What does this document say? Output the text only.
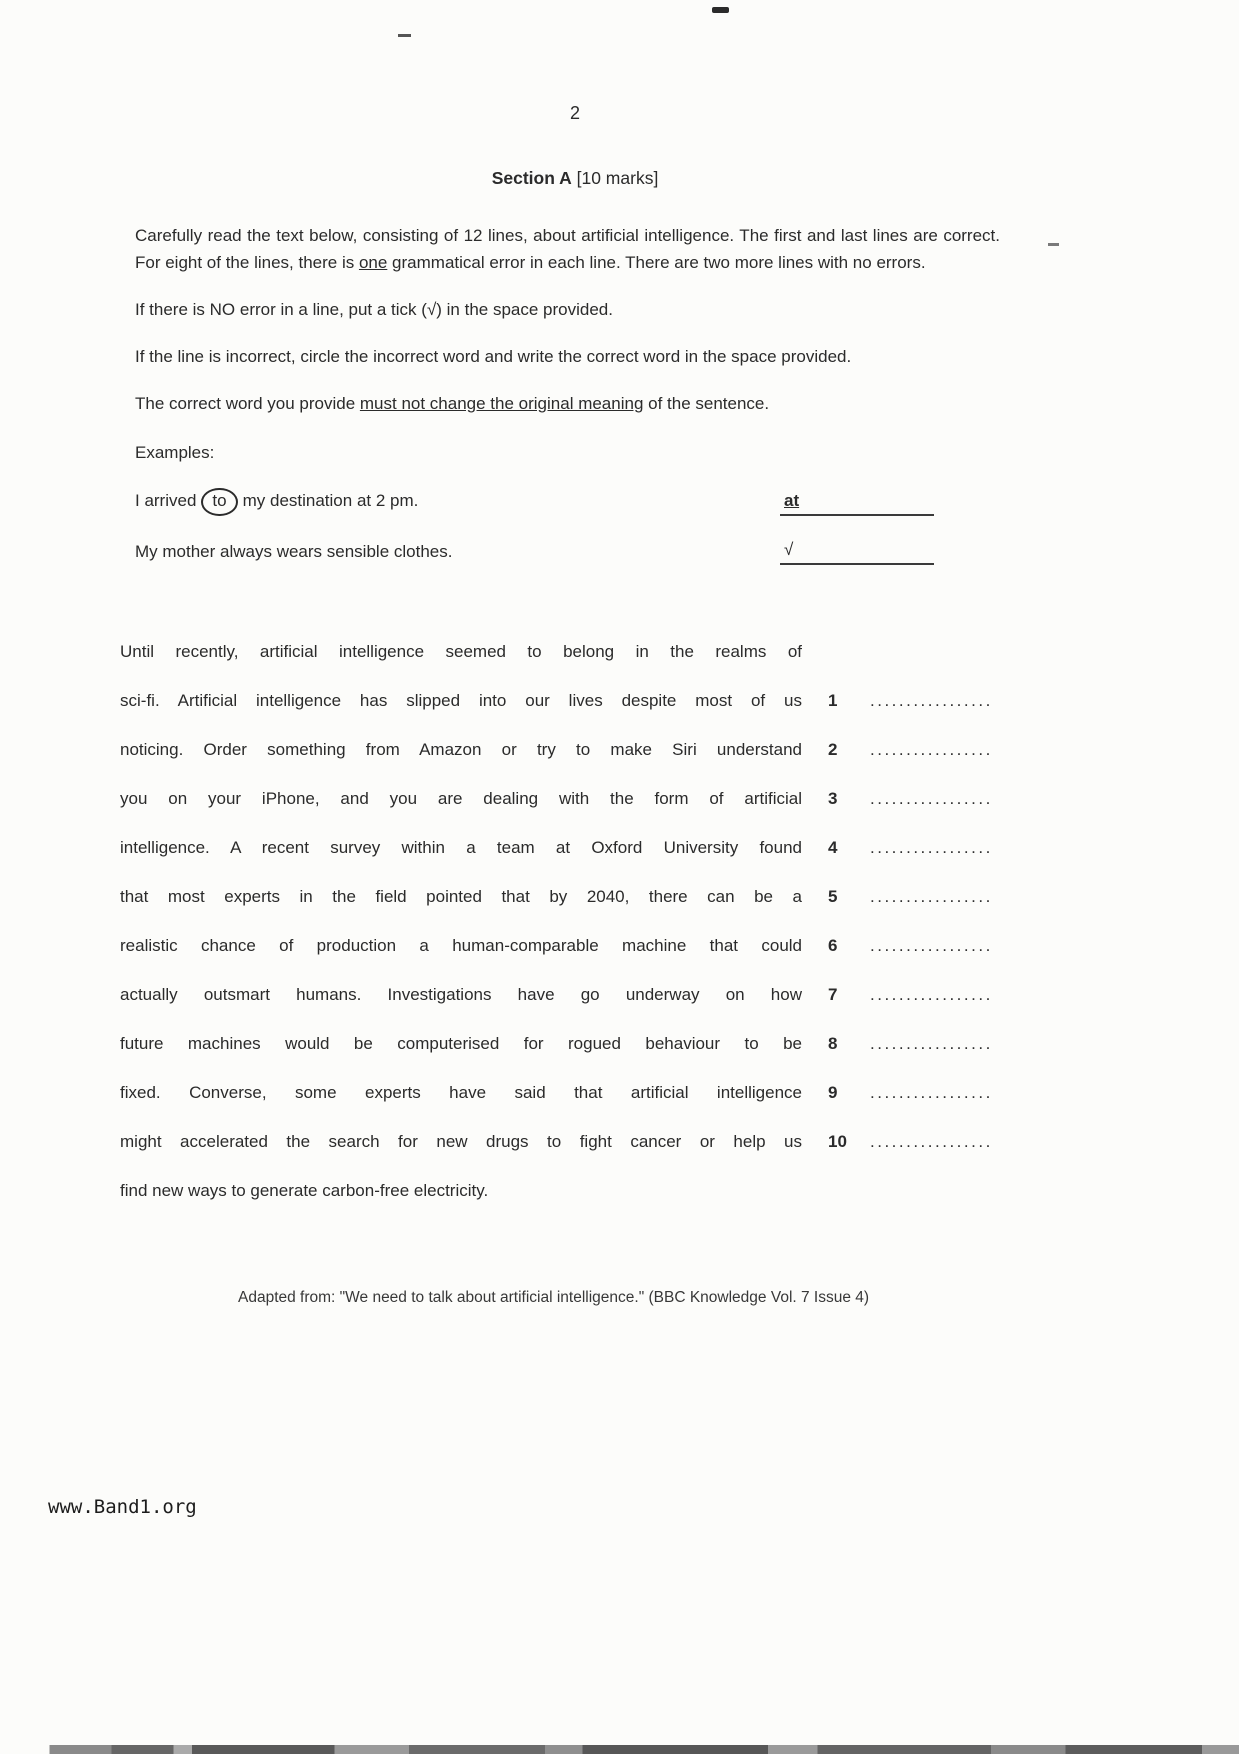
2
Section A [10 marks]

Carefully read the text below, consisting of 12 lines, about artificial intelligence. The first and last lines are correct. For eight of the lines, there is one grammatical error in each line. There are two more lines with no errors.

If there is NO error in a line, put a tick (√) in the space provided.

If the line is incorrect, circle the incorrect word and write the correct word in the space provided.

The correct word you provide must not change the original meaning of the sentence.

Examples:
I arrived to my destination at 2 pm.	at
My mother always wears sensible clothes.	√
Until recently, artificial intelligence seemed to belong in the realms of
sci-fi. Artificial intelligence has slipped into our lives despite most of us 1	.................
noticing. Order something from Amazon or try to make Siri understand 2	.................
you on your iPhone, and you are dealing with the form of artificial 3	.................
intelligence. A recent survey within a team at Oxford University found 4	.................
that most experts in the field pointed that by 2040, there can be a 5	.................
realistic chance of production a human-comparable machine that could 6	.................
actually outsmart humans. Investigations have go underway on how 7	.................
future machines would be computerised for rogued behaviour to be 8	.................
fixed. Converse, some experts have said that artificial intelligence 9	.................
might accelerated the search for new drugs to fight cancer or help us 10	.................
find new ways to generate carbon-free electricity.
Adapted from: "We need to talk about artificial intelligence." (BBC Knowledge Vol. 7 Issue 4)
www.Band1.org
